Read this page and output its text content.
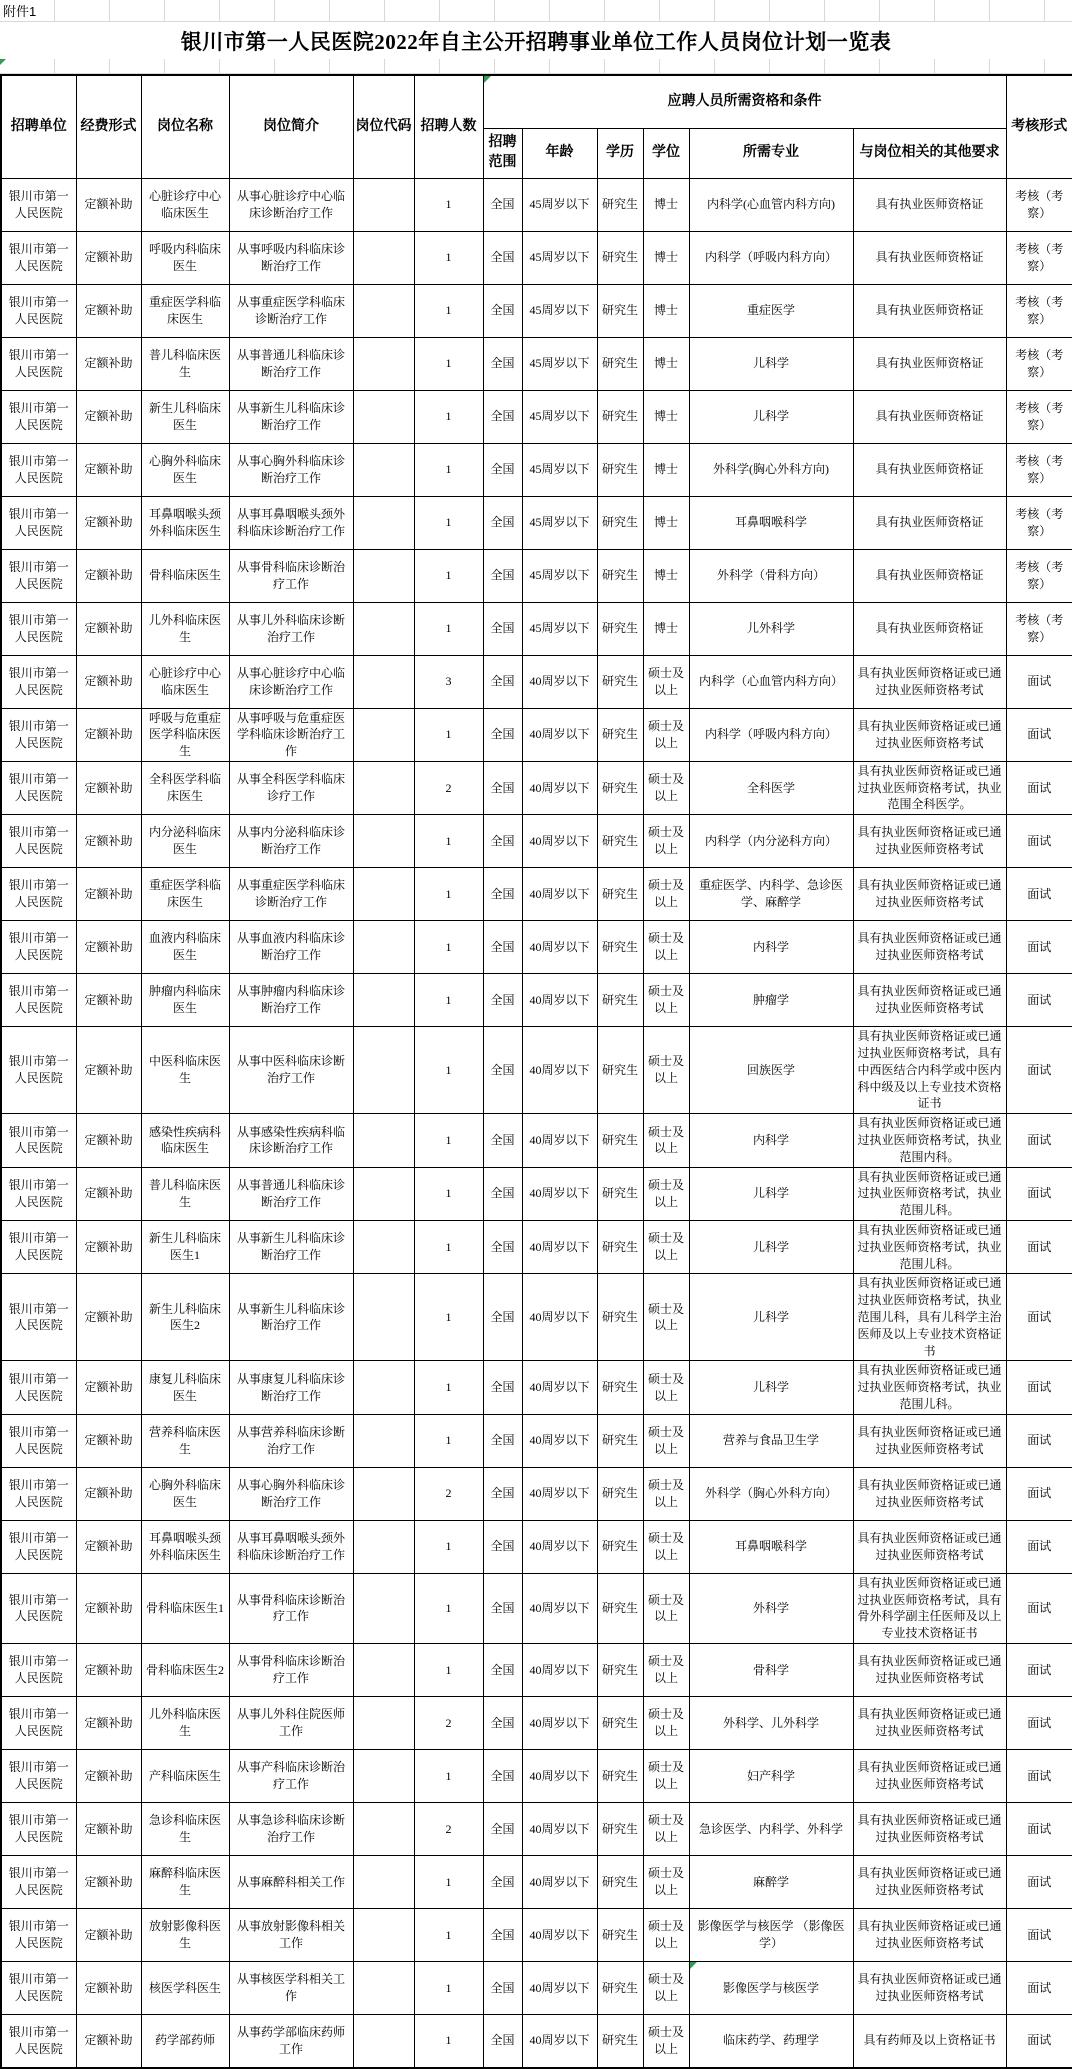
附件1
银川市第一人民医院2022年自主公开招聘事业单位工作人员岗位计划一览表
招聘单位	经费形式	岗位名称	岗位简介	岗位代码	招聘人数	应聘人员所需资格和条件						考核形式
						招聘范围	年龄	学历	学位	所需专业	与岗位相关的其他要求	
银川市第一人民医院	定额补助	心脏诊疗中心临床医生	从事心脏诊疗中心临床诊断治疗工作		1	全国	45周岁以下	研究生	博士	内科学(心血管内科方向)	具有执业医师资格证	考核（考察）
银川市第一人民医院	定额补助	呼吸内科临床医生	从事呼吸内科临床诊断治疗工作		1	全国	45周岁以下	研究生	博士	内科学（呼吸内科方向）	具有执业医师资格证	考核（考察）
银川市第一人民医院	定额补助	重症医学科临床医生	从事重症医学科临床诊断治疗工作		1	全国	45周岁以下	研究生	博士	重症医学	具有执业医师资格证	考核（考察）
银川市第一人民医院	定额补助	普儿科临床医生	从事普通儿科临床诊断治疗工作		1	全国	45周岁以下	研究生	博士	儿科学	具有执业医师资格证	考核（考察）
银川市第一人民医院	定额补助	新生儿科临床医生	从事新生儿科临床诊断治疗工作		1	全国	45周岁以下	研究生	博士	儿科学	具有执业医师资格证	考核（考察）
银川市第一人民医院	定额补助	心胸外科临床医生	从事心胸外科临床诊断治疗工作		1	全国	45周岁以下	研究生	博士	外科学(胸心外科方向)	具有执业医师资格证	考核（考察）
银川市第一人民医院	定额补助	耳鼻咽喉头颈外科临床医生	从事耳鼻咽喉头颈外科临床诊断治疗工作		1	全国	45周岁以下	研究生	博士	耳鼻咽喉科学	具有执业医师资格证	考核（考察）
银川市第一人民医院	定额补助	骨科临床医生	从事骨科临床诊断治疗工作		1	全国	45周岁以下	研究生	博士	外科学（骨科方向）	具有执业医师资格证	考核（考察）
银川市第一人民医院	定额补助	儿外科临床医生	从事儿外科临床诊断治疗工作		1	全国	45周岁以下	研究生	博士	儿外科学	具有执业医师资格证	考核（考察）
银川市第一人民医院	定额补助	心脏诊疗中心临床医生	从事心脏诊疗中心临床诊断治疗工作		3	全国	40周岁以下	研究生	硕士及以上	内科学（心血管内科方向）	具有执业医师资格证或已通过执业医师资格考试	面试
银川市第一人民医院	定额补助	呼吸与危重症医学科临床医生	从事呼吸与危重症医学科临床诊断治疗工作		1	全国	40周岁以下	研究生	硕士及以上	内科学（呼吸内科方向）	具有执业医师资格证或已通过执业医师资格考试	面试
银川市第一人民医院	定额补助	全科医学科临床医生	从事全科医学科临床诊疗工作		2	全国	40周岁以下	研究生	硕士及以上	全科医学	具有执业医师资格证或已通过执业医师资格考试，执业范围全科医学。	面试
银川市第一人民医院	定额补助	内分泌科临床医生	从事内分泌科临床诊断治疗工作		1	全国	40周岁以下	研究生	硕士及以上	内科学（内分泌科方向）	具有执业医师资格证或已通过执业医师资格考试	面试
银川市第一人民医院	定额补助	重症医学科临床医生	从事重症医学科临床诊断治疗工作		1	全国	40周岁以下	研究生	硕士及以上	重症医学、内科学、急诊医学、麻醉学	具有执业医师资格证或已通过执业医师资格考试	面试
银川市第一人民医院	定额补助	血液内科临床医生	从事血液内科临床诊断治疗工作		1	全国	40周岁以下	研究生	硕士及以上	内科学	具有执业医师资格证或已通过执业医师资格考试	面试
银川市第一人民医院	定额补助	肿瘤内科临床医生	从事肿瘤内科临床诊断治疗工作		1	全国	40周岁以下	研究生	硕士及以上	肿瘤学	具有执业医师资格证或已通过执业医师资格考试	面试
银川市第一人民医院	定额补助	中医科临床医生	从事中医科临床诊断治疗工作		1	全国	40周岁以下	研究生	硕士及以上	回族医学	具有执业医师资格证或已通过执业医师资格考试，具有中西医结合内科学或中医内科中级及以上专业技术资格证书	面试
银川市第一人民医院	定额补助	感染性疾病科临床医生	从事感染性疾病科临床诊断治疗工作		1	全国	40周岁以下	研究生	硕士及以上	内科学	具有执业医师资格证或已通过执业医师资格考试，执业范围内科。	面试
银川市第一人民医院	定额补助	普儿科临床医生	从事普通儿科临床诊断治疗工作		1	全国	40周岁以下	研究生	硕士及以上	儿科学	具有执业医师资格证或已通过执业医师资格考试，执业范围儿科。	面试
银川市第一人民医院	定额补助	新生儿科临床医生1	从事新生儿科临床诊断治疗工作		1	全国	40周岁以下	研究生	硕士及以上	儿科学	具有执业医师资格证或已通过执业医师资格考试，执业范围儿科。	面试
银川市第一人民医院	定额补助	新生儿科临床医生2	从事新生儿科临床诊断治疗工作		1	全国	40周岁以下	研究生	硕士及以上	儿科学	具有执业医师资格证或已通过执业医师资格考试，执业范围儿科，具有儿科学主治医师及以上专业技术资格证书	面试
银川市第一人民医院	定额补助	康复儿科临床医生	从事康复儿科临床诊断治疗工作		1	全国	40周岁以下	研究生	硕士及以上	儿科学	具有执业医师资格证或已通过执业医师资格考试，执业范围儿科。	面试
银川市第一人民医院	定额补助	营养科临床医生	从事营养科临床诊断治疗工作		1	全国	40周岁以下	研究生	硕士及以上	营养与食品卫生学	具有执业医师资格证或已通过执业医师资格考试	面试
银川市第一人民医院	定额补助	心胸外科临床医生	从事心胸外科临床诊断治疗工作		2	全国	40周岁以下	研究生	硕士及以上	外科学（胸心外科方向）	具有执业医师资格证或已通过执业医师资格考试	面试
银川市第一人民医院	定额补助	耳鼻咽喉头颈外科临床医生	从事耳鼻咽喉头颈外科临床诊断治疗工作		1	全国	40周岁以下	研究生	硕士及以上	耳鼻咽喉科学	具有执业医师资格证或已通过执业医师资格考试	面试
银川市第一人民医院	定额补助	骨科临床医生1	从事骨科临床诊断治疗工作		1	全国	40周岁以下	研究生	硕士及以上	外科学	具有执业医师资格证或已通过执业医师资格考试，具有骨外科学副主任医师及以上专业技术资格证书	面试
银川市第一人民医院	定额补助	骨科临床医生2	从事骨科临床诊断治疗工作		1	全国	40周岁以下	研究生	硕士及以上	骨科学	具有执业医师资格证或已通过执业医师资格考试	面试
银川市第一人民医院	定额补助	儿外科临床医生	从事儿外科住院医师工作		2	全国	40周岁以下	研究生	硕士及以上	外科学、儿外科学	具有执业医师资格证或已通过执业医师资格考试	面试
银川市第一人民医院	定额补助	产科临床医生	从事产科临床诊断治疗工作		1	全国	40周岁以下	研究生	硕士及以上	妇产科学	具有执业医师资格证或已通过执业医师资格考试	面试
银川市第一人民医院	定额补助	急诊科临床医生	从事急诊科临床诊断治疗工作		2	全国	40周岁以下	研究生	硕士及以上	急诊医学、内科学、外科学	具有执业医师资格证或已通过执业医师资格考试	面试
银川市第一人民医院	定额补助	麻醉科临床医生	从事麻醉科相关工作		1	全国	40周岁以下	研究生	硕士及以上	麻醉学	具有执业医师资格证或已通过执业医师资格考试	面试
银川市第一人民医院	定额补助	放射影像科医生	从事放射影像科相关工作		1	全国	40周岁以下	研究生	硕士及以上	影像医学与核医学 （影像医学）	具有执业医师资格证或已通过执业医师资格考试	面试
银川市第一人民医院	定额补助	核医学科医生	从事核医学科相关工作		1	全国	40周岁以下	研究生	硕士及以上	影像医学与核医学	具有执业医师资格证或已通过执业医师资格考试	面试
银川市第一人民医院	定额补助	药学部药师	从事药学部临床药师工作		1	全国	40周岁以下	研究生	硕士及以上	临床药学、药理学	具有药师及以上资格证书	面试
